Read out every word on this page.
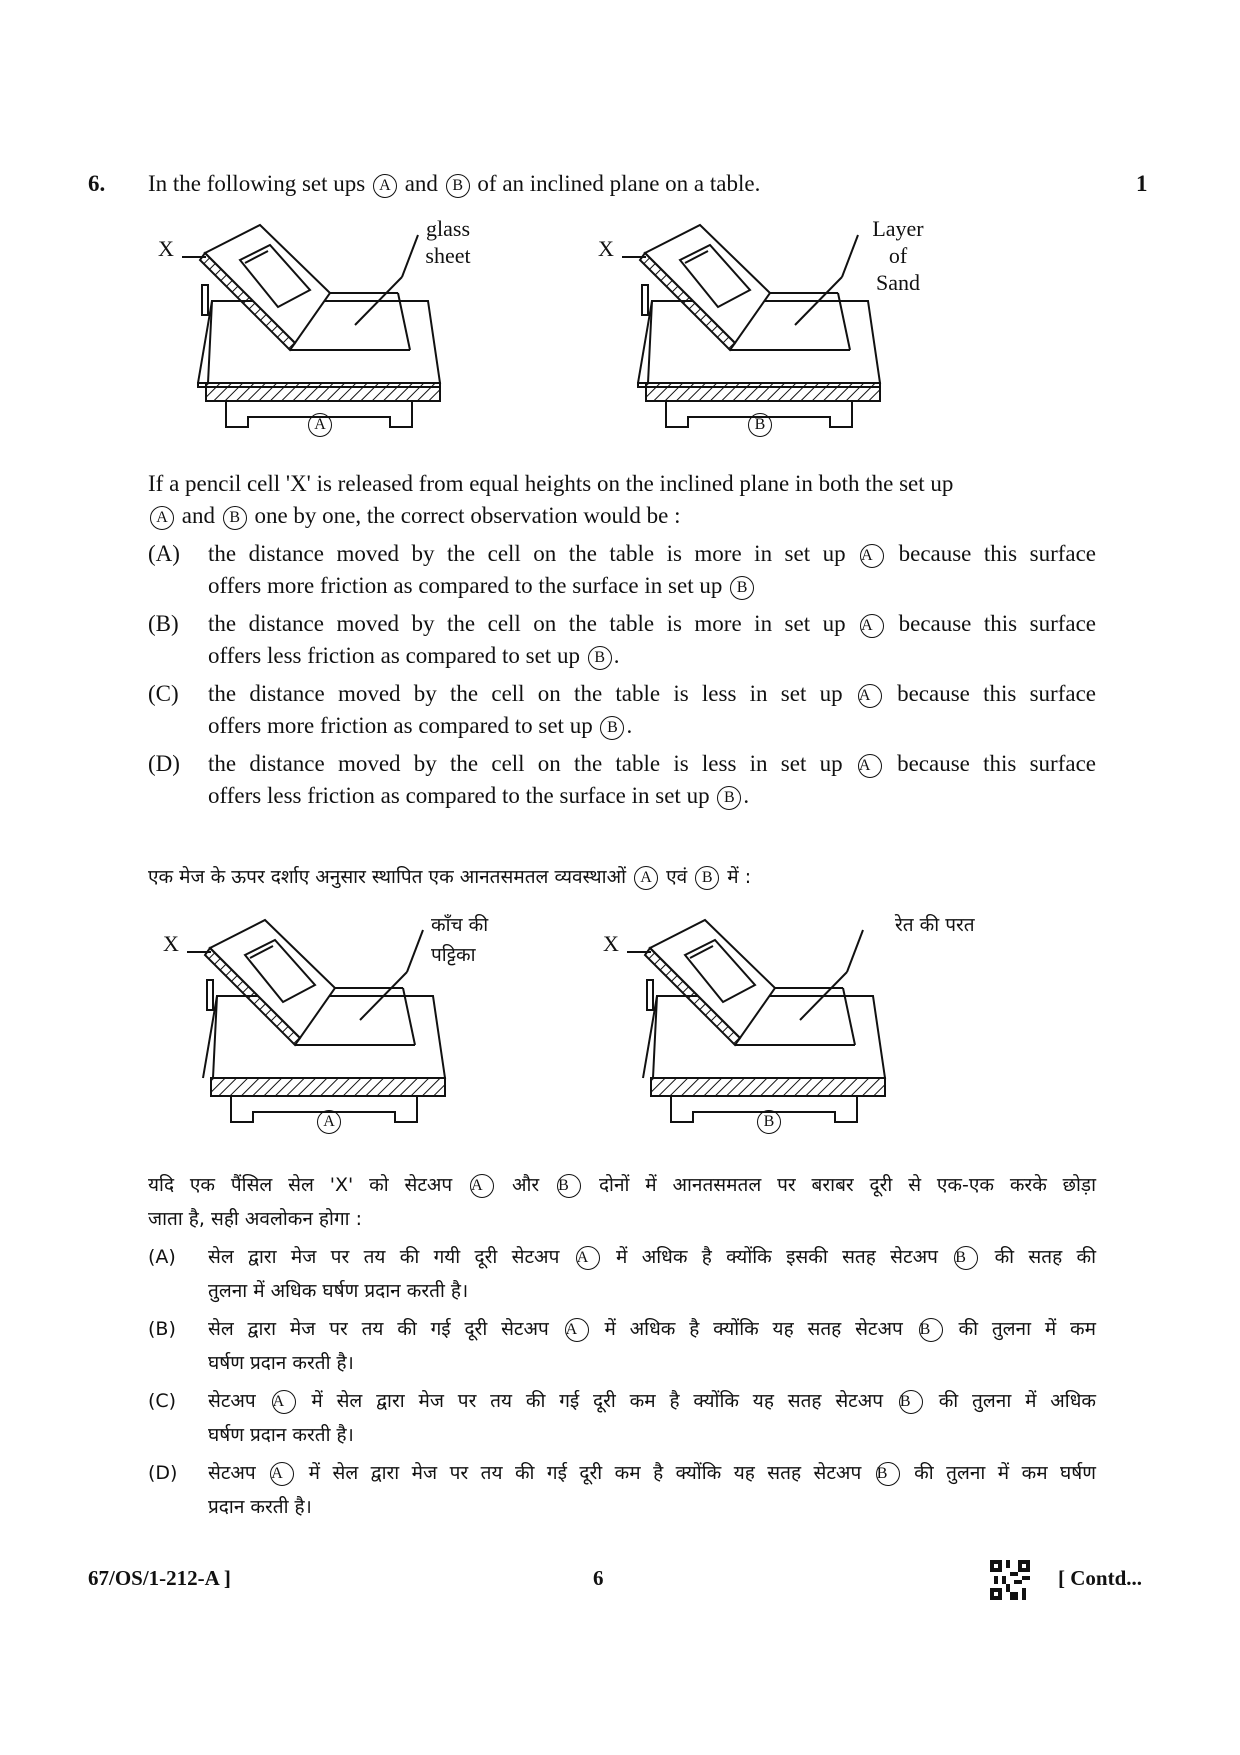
6. In the following set ups A and B of an inclined plane on a table.	1
X
glass
sheet
A
X
Layer
of
Sand
B
If a pencil cell 'X' is released from equal heights on the inclined plane in both the set up
A and B one by one, the correct observation would be :
(A)	the distance moved by the cell on the table is more in set up A because this surface
offers more friction as compared to the surface in set up B
(B)	the distance moved by the cell on the table is more in set up A because this surface
offers less friction as compared to set up B .
(C)	the distance moved by the cell on the table is less in set up A because this surface
offers more friction as compared to set up B .
(D)	the distance moved by the cell on the table is less in set up A because this surface
offers less friction as compared to the surface in set up B .
एक मेज के ऊपर दर्शाए अनुसार स्थापित एक आनतसमतल व्यवस्थाओं A एवं B में :
X
काँच की
पट्टिका
A
X
रेत की परत
B
यदि एक पैंसिल सेल 'X' को सेटअप A और B दोनों में आनतसमतल पर बराबर दूरी से एक-एक करके छोड़ा
जाता है, सही अवलोकन होगा :
(A)	सेल द्वारा मेज पर तय की गयी दूरी सेटअप A में अधिक है क्योंकि इसकी सतह सेटअप B की सतह की
तुलना में अधिक घर्षण प्रदान करती है।
(B)	सेल द्वारा मेज पर तय की गई दूरी सेटअप A में अधिक है क्योंकि यह सतह सेटअप B की तुलना में कम
घर्षण प्रदान करती है।
(C)	सेटअप A में सेल द्वारा मेज पर तय की गई दूरी कम है क्योंकि यह सतह सेटअप B की तुलना में अधिक
घर्षण प्रदान करती है।
(D)	सेटअप A में सेल द्वारा मेज पर तय की गई दूरी कम है क्योंकि यह सतह सेटअप B की तुलना में कम घर्षण
प्रदान करती है।
67/OS/1-212-A ]	6	[ Contd...
